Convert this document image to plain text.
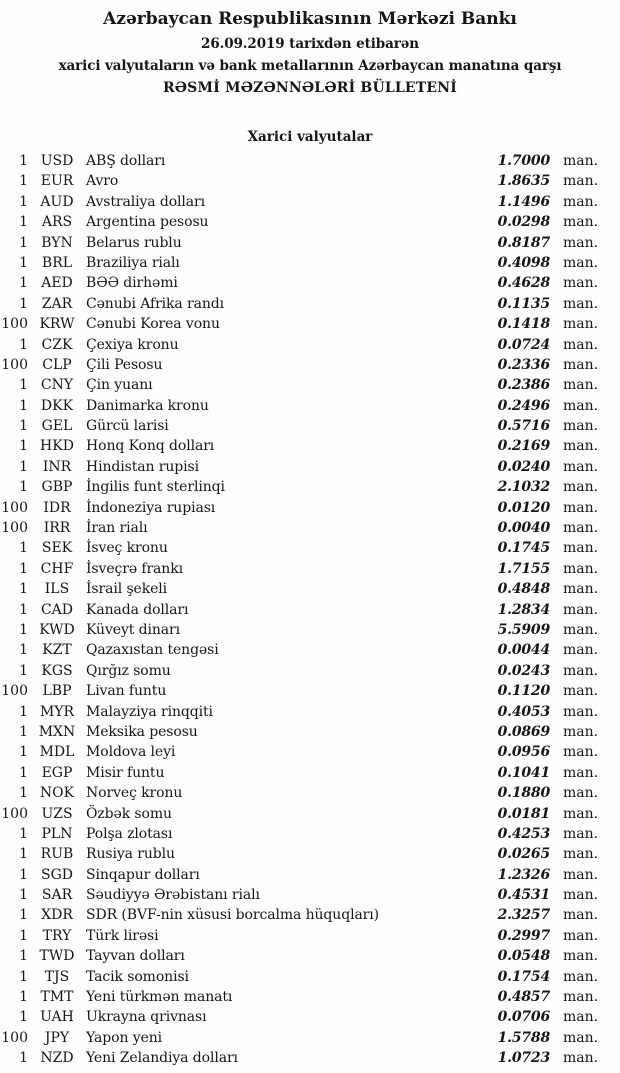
Azərbaycan Respublikasının Mərkəzi Bankı
26.09.2019 tarixdən etibarən
xarici valyutaların və bank metallarının Azərbaycan manatına qarşı
RƏSMİ MƏZƏNNƏLƏRİ BÜLLETENİ
Xarici valyutalar
1 USD ABŞ dolları	1.7000 man.
1 EUR Avro	1.8635 man.
1 AUD Avstraliya dolları	1.1496 man.
1 ARS Argentina pesosu	0.0298 man.
1 BYN Belarus rublu	0.8187 man.
1 BRL Braziliya rialı	0.4098 man.
1 AED BƏƏ dirhəmi	0.4628 man.
1 ZAR Cənubi Afrika randı	0.1135 man.
100 KRW Cənubi Korea vonu	0.1418 man.
1 CZK Çexiya kronu	0.0724 man.
100	CLP	Çili Pesosu	0.2336 man.
1 CNY Çin yuanı	0.2386 man.
1 DKK Danimarka kronu	0.2496 man.
1 GEL Gürcü larisi	0.5716 man.
1 HKD Honq Konq dolları	0.2169 man.
1	INR	Hindistan rupisi	0.0240 man.
1 GBP İngilis funt sterlinqi	2.1032 man.
100	IDR	İndoneziya rupiası	0.0120 man.
100	IRR	İran rialı	0.0040 man.
1 SEK İsveç kronu	0.1745 man.
1 CHF İsveçrə frankı	1.7155 man.
1	ILS	İsrail şekeli	0.4848 man.
1 CAD Kanada dolları	1.2834 man.
1 KWD Küveyt dinarı	5.5909 man.
1	KZT	Qazaxıstan tengəsi	0.0044 man.
1 KGS Qırğız somu	0.0243 man.
100	LBP	Livan funtu	0.1120 man.
1 MYR Malayziya rinqqiti	0.4053 man.
1 MXN Meksika pesosu	0.0869 man.
1 MDL Moldova leyi	0.0956 man.
1 EGP Misir funtu	0.1041 man.
1 NOK Norveç kronu	0.1880 man.
100 UZS Özbək somu	0.0181 man.
1 PLN Polşa zlotası	0.4253 man.
1 RUB Rusiya rublu	0.0265 man.
1 SGD Sinqapur dolları	1.2326 man.
1 SAR Səudiyyə Ərəbistanı rialı	0.4531 man.
1 XDR SDR (BVF-nin xüsusi borcalma hüquqları)	2.3257 man.
1	TRY	Türk lirəsi	0.2997 man.
1 TWD Tayvan dolları	0.0548 man.
1	TJS	Tacik somonisi	0.1754 man.
1 TMT Yeni türkmən manatı	0.4857 man.
1 UAH Ukrayna qrivnası	0.0706 man.
100	JPY	Yapon yeni	1.5788 man.
1 NZD Yeni Zelandiya dolları	1.0723 man.
